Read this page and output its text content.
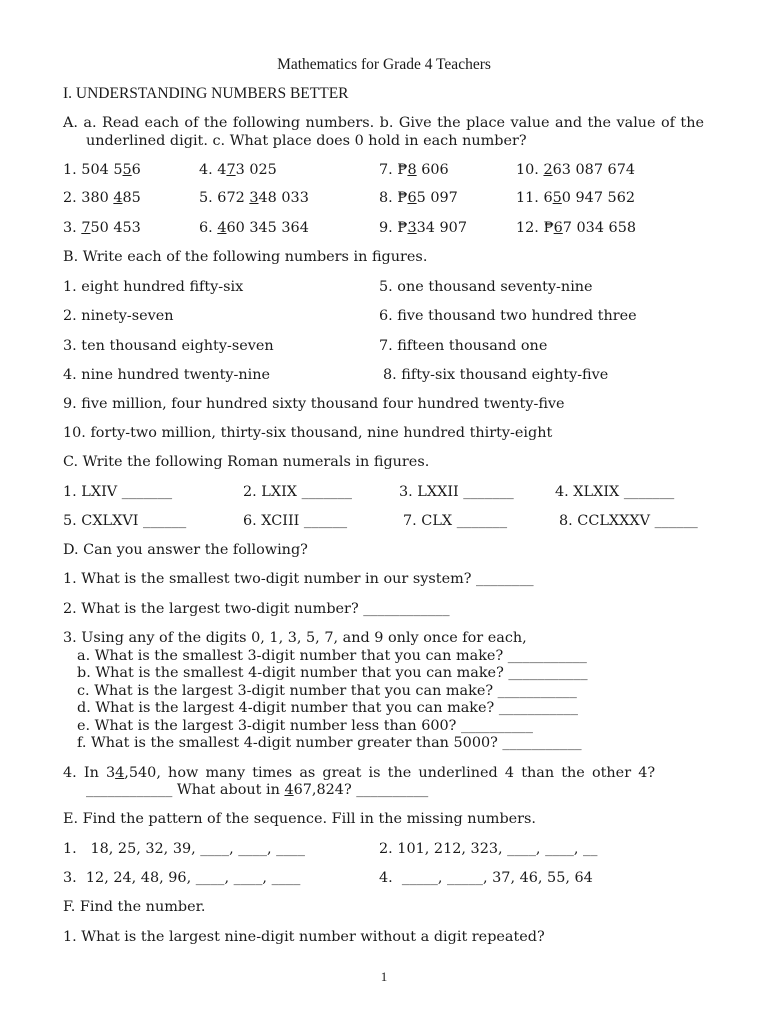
Mathematics for Grade 4 Teachers
I. UNDERSTANDING NUMBERS BETTER
A. a. Read each of the following numbers. b. Give the place value and the value of the
underlined digit. c. What place does 0 hold in each number?
1. 504 556	4. 473 025	7. ₱8 606	10. 263 087 674
2. 380 485	5. 672 348 033	8. ₱65 097	11. 650 947 562
3. 750 453	6. 460 345 364	9. ₱334 907	12. ₱67 034 658
B. Write each of the following numbers in figures.
1. eight hundred fifty-six	5. one thousand seventy-nine
2. ninety-seven	6. five thousand two hundred three
3. ten thousand eighty-seven	7. fifteen thousand one
4. nine hundred twenty-nine	8. fifty-six thousand eighty-five
9. five million, four hundred sixty thousand four hundred twenty-five
10. forty-two million, thirty-six thousand, nine hundred thirty-eight
C. Write the following Roman numerals in figures.
1. LXIV _______	2. LXIX _______	3. LXXII _______	4. XLXIX _______
5. CXLXVI ______	6. XCIII ______	7. CLX _______	8. CCLXXXV ______
D. Can you answer the following?
1. What is the smallest two-digit number in our system? ________
2. What is the largest two-digit number? ____________
3. Using any of the digits 0, 1, 3, 5, 7, and 9 only once for each,
a. What is the smallest 3-digit number that you can make? ___________
b. What is the smallest 4-digit number that you can make? ___________
c. What is the largest 3-digit number that you can make? ___________
d. What is the largest 4-digit number that you can make? ___________
e. What is the largest 3-digit number less than 600? __________
f. What is the smallest 4-digit number greater than 5000? ___________
4.  In  34,540,  how  many  times  as  great  is  the  underlined  4  than  the  other  4?
____________ What about in 467,824? __________
E. Find the pattern of the sequence. Fill in the missing numbers.
1.   18, 25, 32, 39, ____, ____, ____	2. 101, 212, 323, ____, ____, __
3.  12, 24, 48, 96, ____, ____, ____	4.  _____, _____, 37, 46, 55, 64
F. Find the number.
1. What is the largest nine-digit number without a digit repeated?
1
